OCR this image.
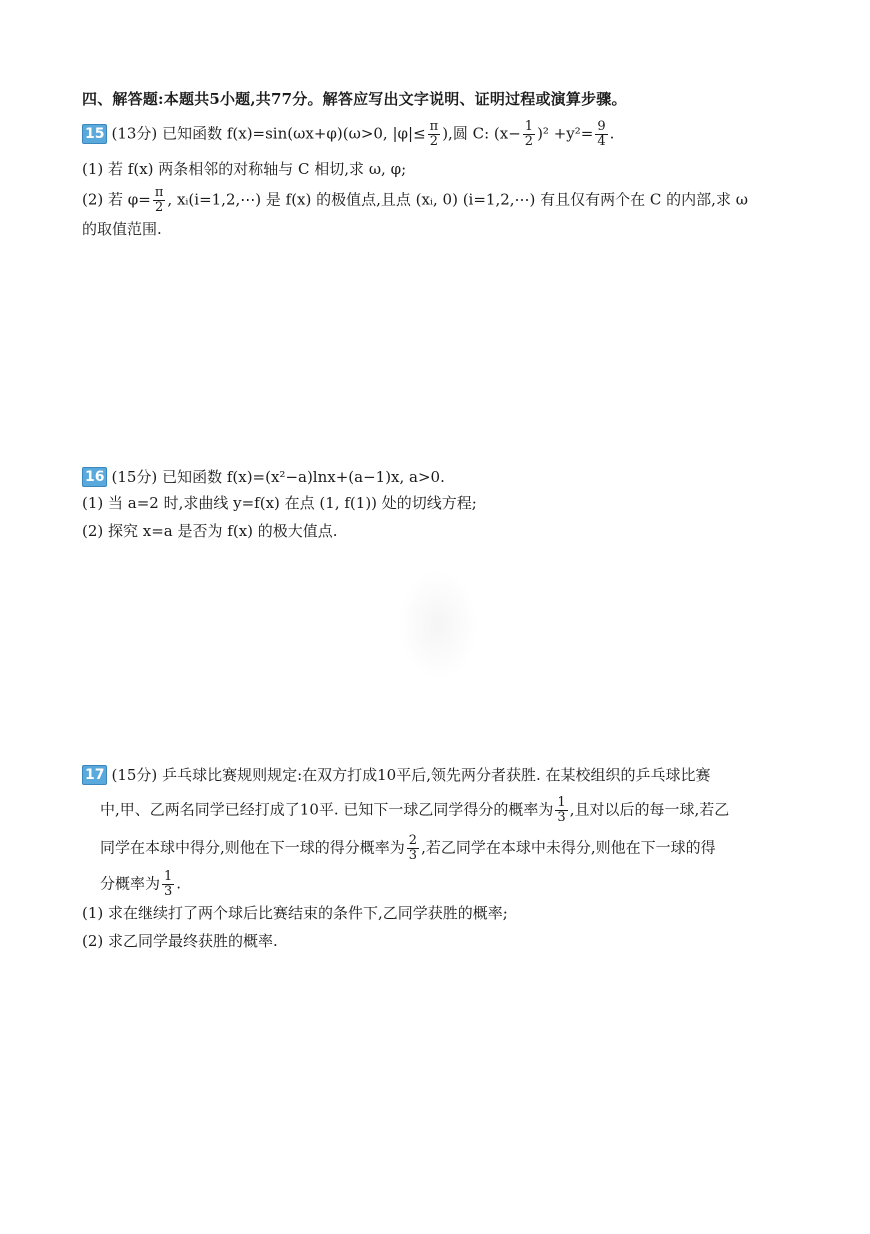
四、解答题:本题共5小题,共77分。解答应写出文字说明、证明过程或演算步骤。
15 (13分) 已知函数 f(x)=sin(ωx+φ)(ω>0, $|\varphi|\le \frac{\pi}{2}$ ),圆 C: $(x- \frac{1}{2} )^2 +y^2= \frac{9}{4}$ .
(1) 若 f(x) 两条相邻的对称轴与 C 相切,求 ω, φ;
(2) 若 $\varphi= \frac{\pi}{2}$ , xᵢ(i=1,2,⋯) 是 f(x) 的极值点,且点 (xᵢ, 0) (i=1,2,⋯) 有且仅有两个在 C 的内部,求 ω
的取值范围.
16 (15分) 已知函数 f(x)=(x²−a)lnx+(a−1)x, a>0.
(1) 当 a=2 时,求曲线 y=f(x) 在点 (1, f(1)) 处的切线方程;
(2) 探究 x=a 是否为 f(x) 的极大值点.
17 (15分) 乒乓球比赛规则规定:在双方打成10平后,领先两分者获胜. 在某校组织的乒乓球比赛
中,甲、乙两名同学已经打成了10平. 已知下一球乙同学得分的概率为 $\frac{1}{3}$ ,且对以后的每一球,若乙
同学在本球中得分,则他在下一球的得分概率为 $\frac{2}{3}$ ,若乙同学在本球中未得分,则他在下一球的得
分概率为 $\frac{1}{3}$ .
(1) 求在继续打了两个球后比赛结束的条件下,乙同学获胜的概率;
(2) 求乙同学最终获胜的概率.
